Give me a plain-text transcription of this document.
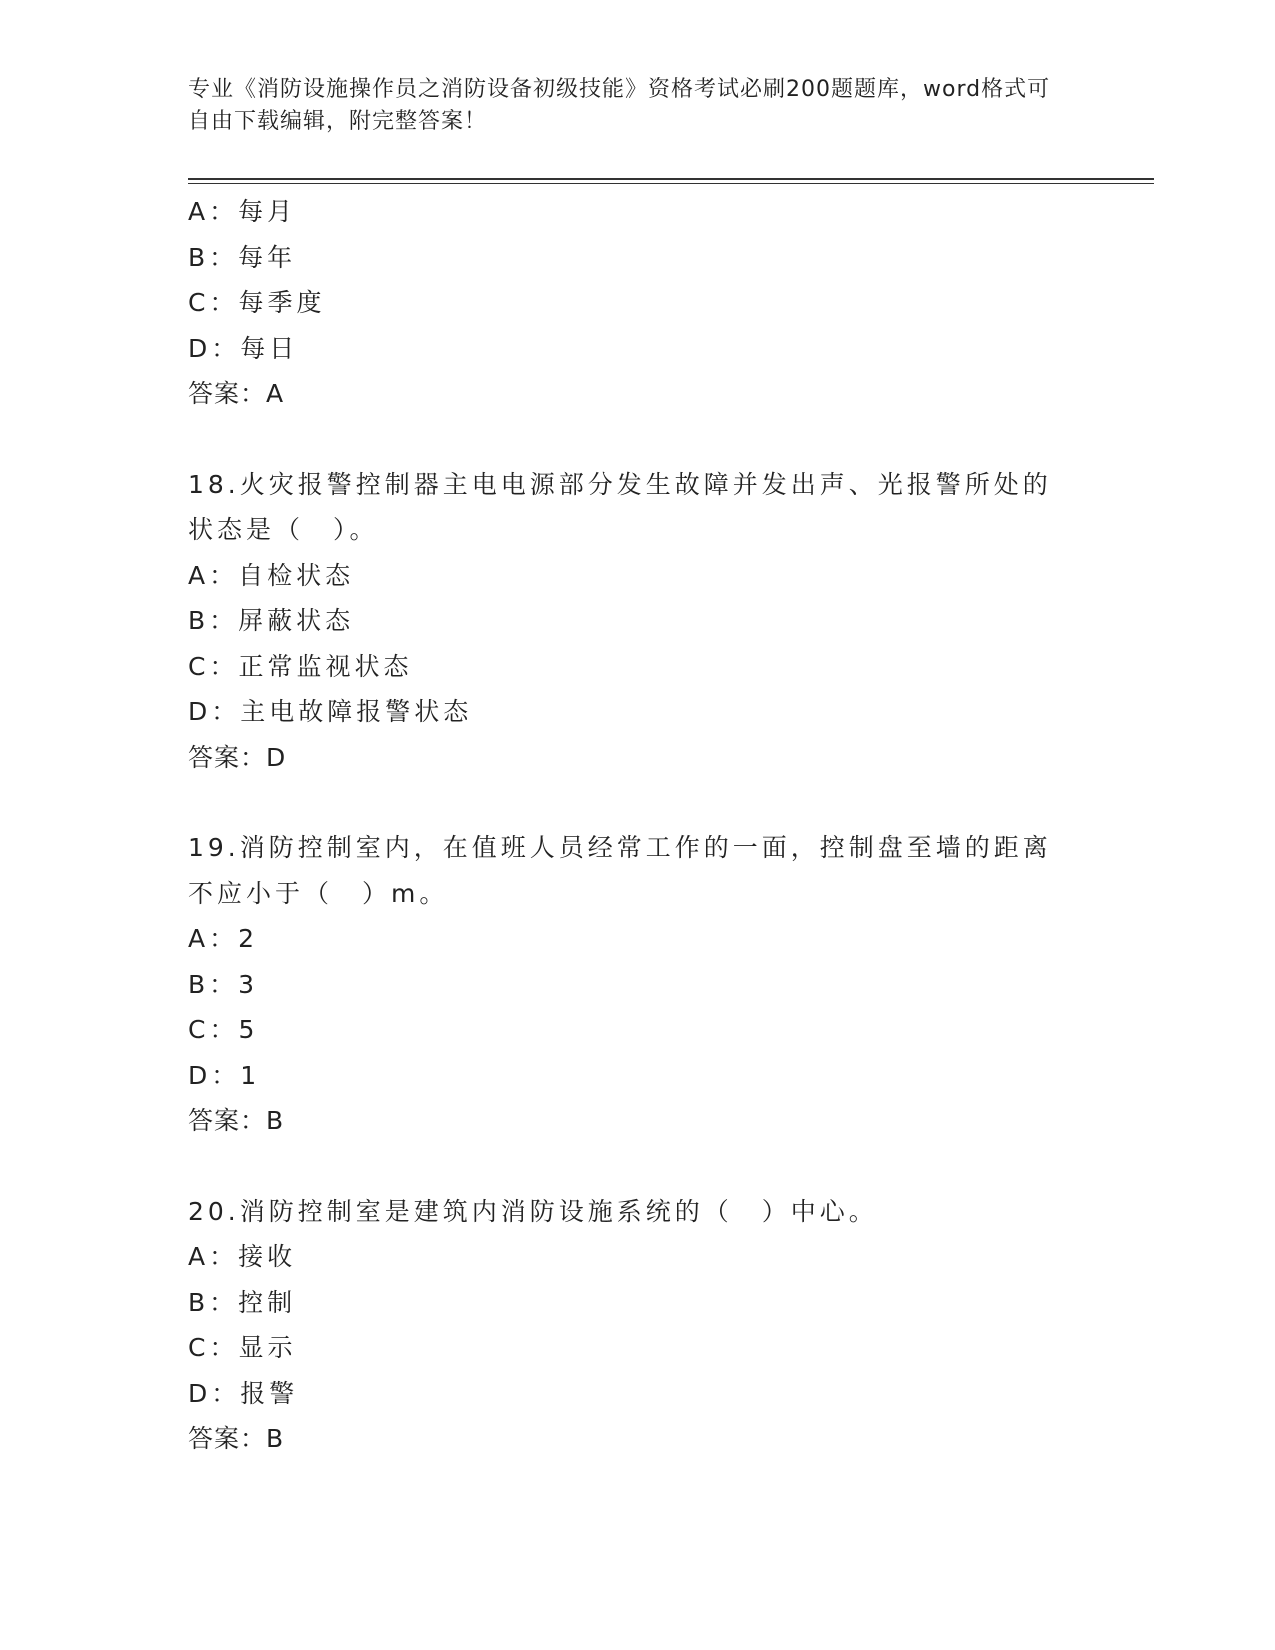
专业《消防设施操作员之消防设备初级技能》资格考试必刷200题题库，word格式可自由下载编辑，附完整答案！
A：每月
B：每年
C：每季度
D：每日
答案：A
18.火灾报警控制器主电电源部分发生故障并发出声、光报警所处的状态是（　）。
A：自检状态
B：屏蔽状态
C：正常监视状态
D：主电故障报警状态
答案：D
19.消防控制室内，在值班人员经常工作的一面，控制盘至墙的距离不应小于（　）m。
A：2
B：3
C：5
D：1
答案：B
20.消防控制室是建筑内消防设施系统的（　）中心。
A：接收
B：控制
C：显示
D：报警
答案：B
